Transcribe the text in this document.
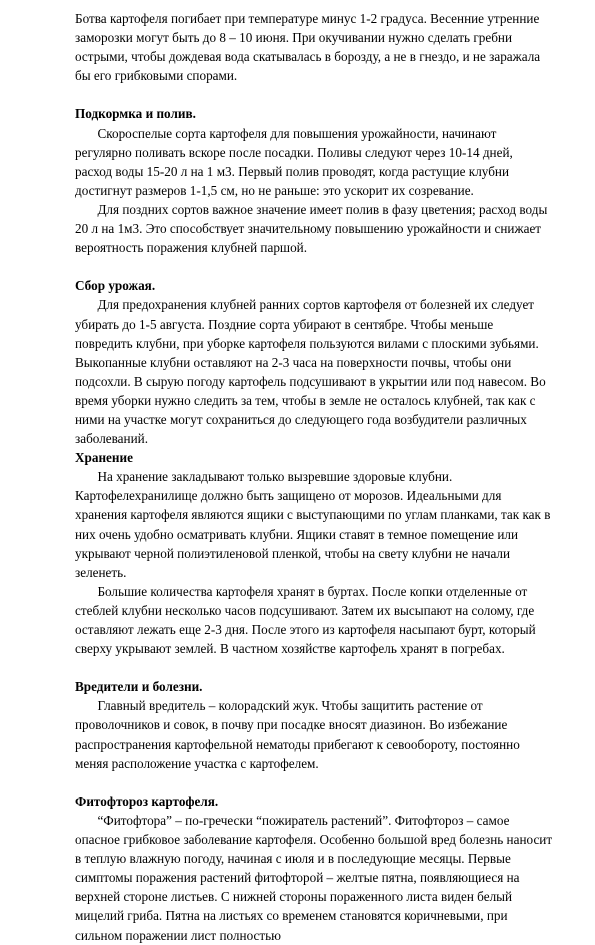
Ботва картофеля погибает при температуре минус 1-2 градуса. Весенние утренние заморозки могут быть до 8 – 10 июня. При окучивании нужно сделать гребни острыми, чтобы дождевая вода скатывалась в борозду, а не в гнездо, и не заражала бы его грибковыми спорами.

Подкормка и полив.

Скороспелые сорта картофеля для повышения урожайности, начинают регулярно поливать вскоре после посадки. Поливы следуют через 10-14 дней, расход воды 15-20 л на 1 м3. Первый полив проводят, когда растущие клубни достигнут размеров 1-1,5 см, но не раньше: это ускорит их созревание.

Для поздних сортов важное значение имеет полив в фазу цветения; расход воды 20 л на 1м3. Это способствует значительному повышению урожайности и снижает вероятность поражения клубней паршой.

Сбор урожая.

Для предохранения клубней ранних сортов картофеля от болезней их следует убирать до 1-5 августа. Поздние сорта убирают в сентябре. Чтобы меньше повредить клубни, при уборке картофеля пользуются вилами с плоскими зубьями. Выкопанные клубни оставляют на 2-3 часа на поверхности почвы, чтобы они подсохли. В сырую погоду картофель подсушивают в укрытии или под навесом. Во время уборки нужно следить за тем, чтобы в земле не осталось клубней, так как с ними на участке могут сохраниться до следующего года возбудители различных заболеваний.

Хранение

На хранение закладывают только вызревшие здоровые клубни. Картофелехранилище должно быть защищено от морозов. Идеальными для хранения картофеля являются ящики с выступающими по углам планками, так как в них очень удобно осматривать клубни. Ящики ставят в темное помещение или укрывают черной полиэтиленовой пленкой, чтобы на свету клубни не начали зеленеть.

Большие количества картофеля хранят в буртах. После копки отделенные от стеблей клубни несколько часов подсушивают. Затем их высыпают на солому, где оставляют лежать еще 2-3 дня. После этого из картофеля насыпают бурт, который сверху укрывают землей. В частном хозяйстве картофель хранят в погребах.

Вредители и болезни.

Главный вредитель – колорадский жук. Чтобы защитить растение от проволочников и совок, в почву при посадке вносят диазинон. Во избежание распространения картофельной нематоды прибегают к севообороту, постоянно меняя расположение участка с картофелем.

Фитофтороз картофеля.

“Фитофтора” – по-гречески “пожиратель растений”. Фитофтороз – самое опасное грибковое заболевание картофеля. Особенно большой вред болезнь наносит в теплую влажную погоду, начиная с июля и в последующие месяцы. Первые симптомы поражения растений фитофторой – желтые пятна, появляющиеся на верхней стороне листьев. С нижней стороны пораженного листа виден белый мицелий гриба. Пятна на листьях со временем становятся коричневыми, при сильном поражении лист полностью
